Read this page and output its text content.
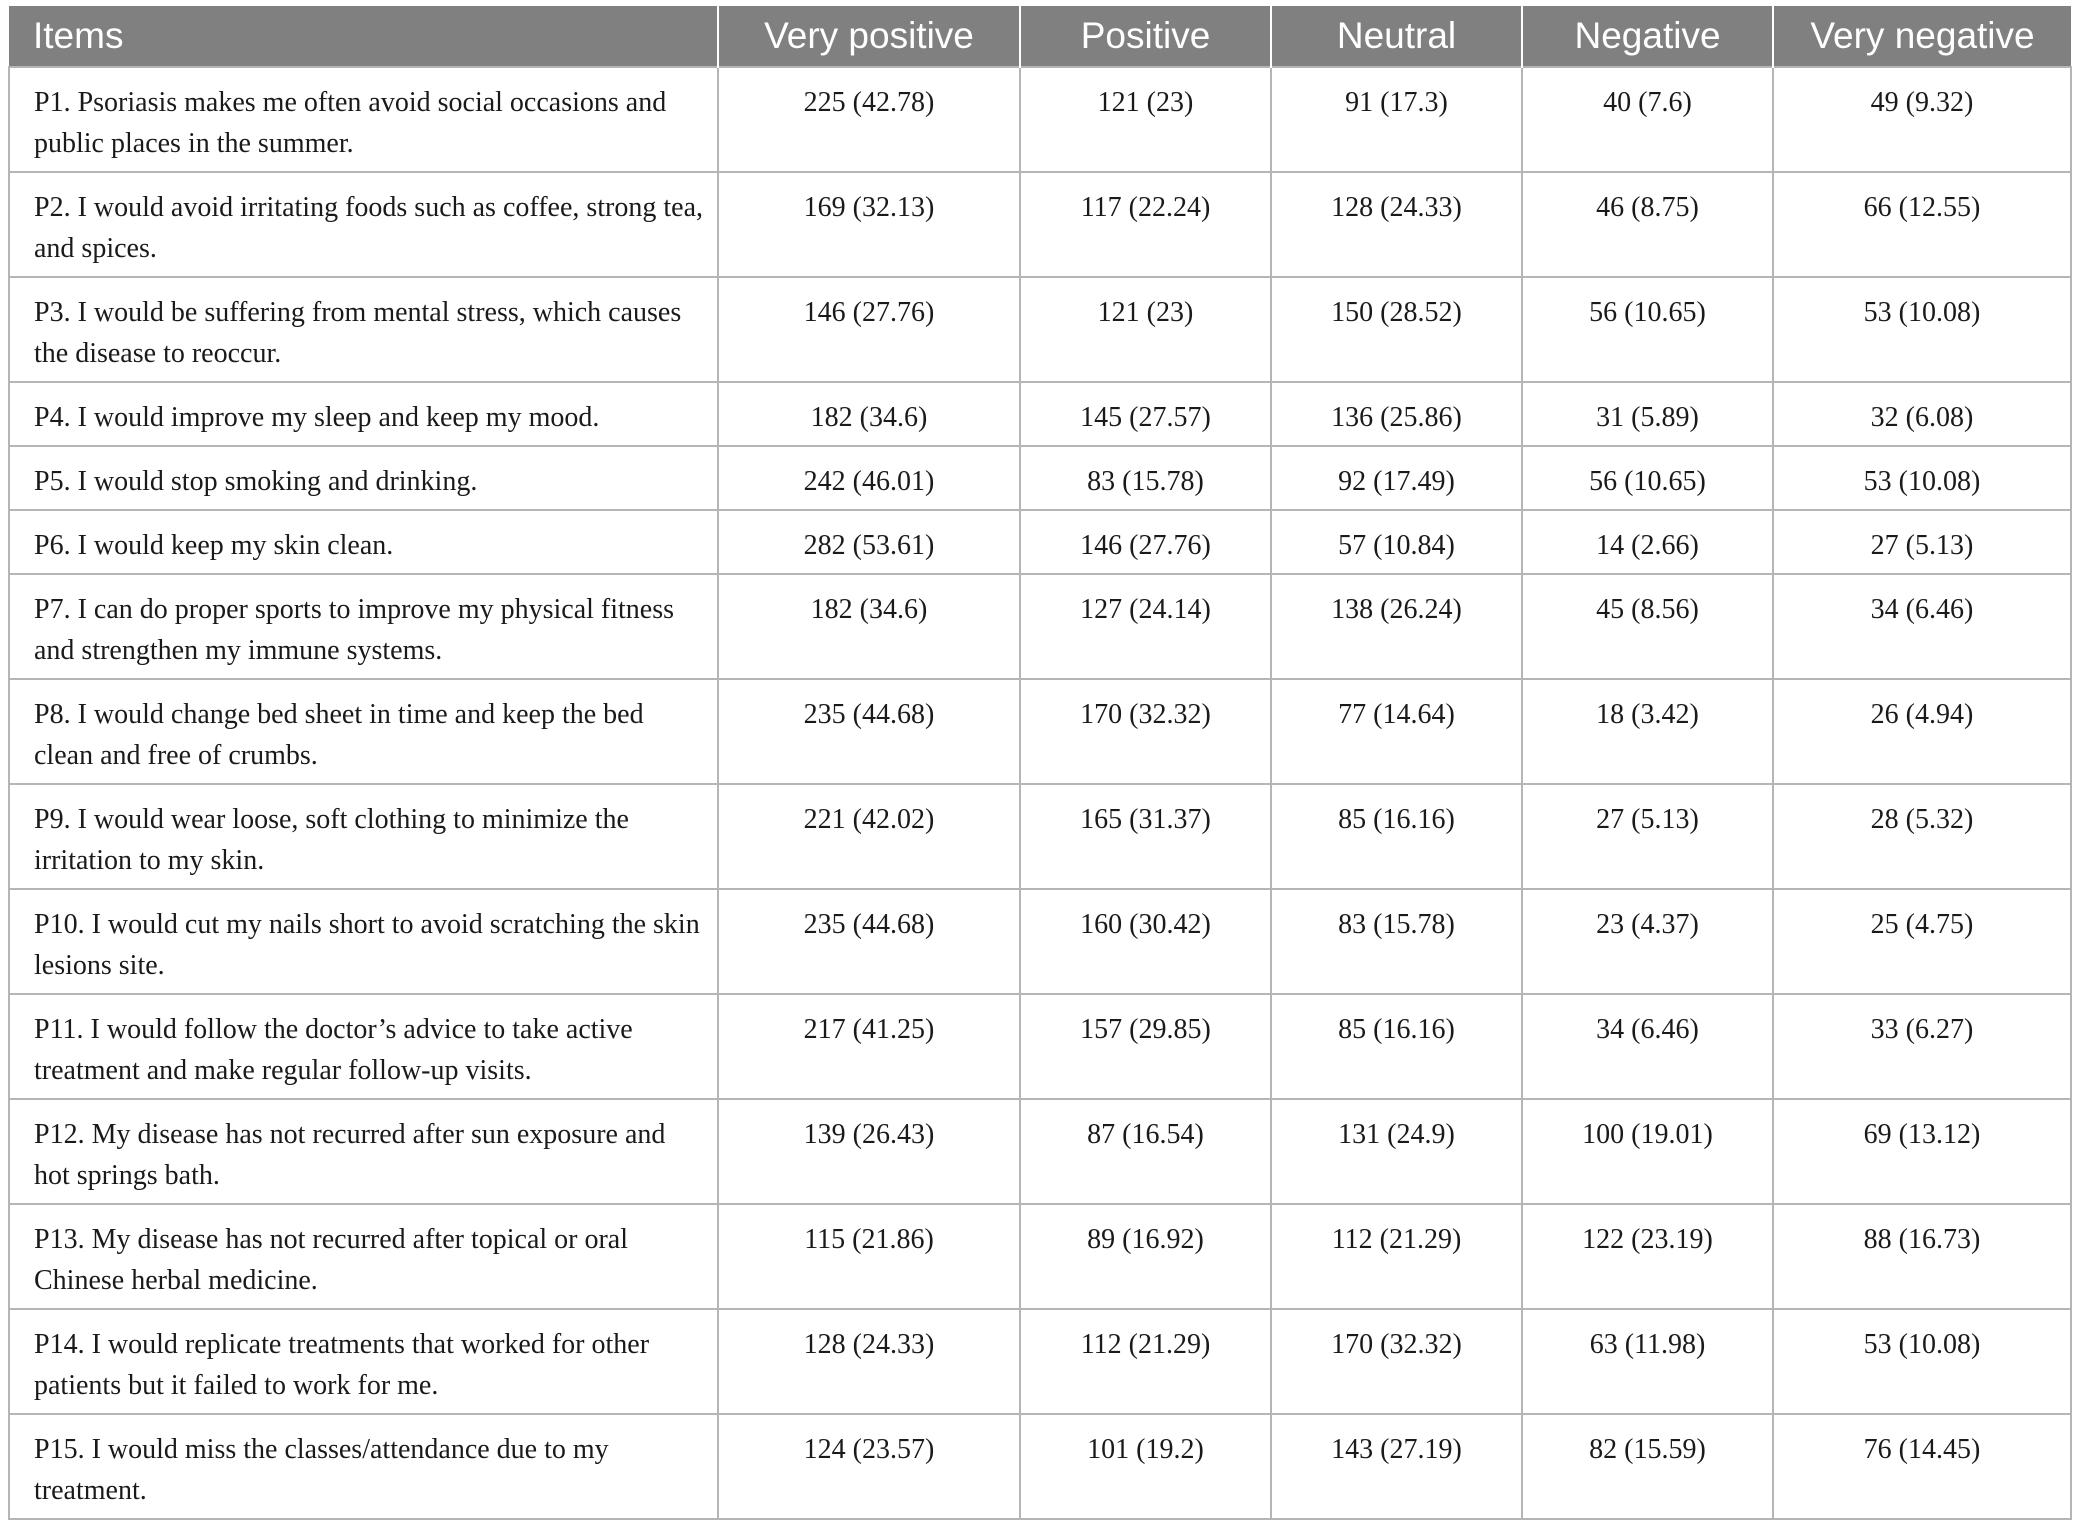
Items	Very positive	Positive	Neutral	Negative	Very negative
P1. Psoriasis makes me often avoid social occasions and public places in the summer.	225 (42.78)	121 (23)	91 (17.3)	40 (7.6)	49 (9.32)
P2. I would avoid irritating foods such as coffee, strong tea, and spices.	169 (32.13)	117 (22.24)	128 (24.33)	46 (8.75)	66 (12.55)
P3. I would be suffering from mental stress, which causes the disease to reoccur.	146 (27.76)	121 (23)	150 (28.52)	56 (10.65)	53 (10.08)
P4. I would improve my sleep and keep my mood.	182 (34.6)	145 (27.57)	136 (25.86)	31 (5.89)	32 (6.08)
P5. I would stop smoking and drinking.	242 (46.01)	83 (15.78)	92 (17.49)	56 (10.65)	53 (10.08)
P6. I would keep my skin clean.	282 (53.61)	146 (27.76)	57 (10.84)	14 (2.66)	27 (5.13)
P7. I can do proper sports to improve my physical fitness and strengthen my immune systems.	182 (34.6)	127 (24.14)	138 (26.24)	45 (8.56)	34 (6.46)
P8. I would change bed sheet in time and keep the bed clean and free of crumbs.	235 (44.68)	170 (32.32)	77 (14.64)	18 (3.42)	26 (4.94)
P9. I would wear loose, soft clothing to minimize the irritation to my skin.	221 (42.02)	165 (31.37)	85 (16.16)	27 (5.13)	28 (5.32)
P10. I would cut my nails short to avoid scratching the skin lesions site.	235 (44.68)	160 (30.42)	83 (15.78)	23 (4.37)	25 (4.75)
P11. I would follow the doctor’s advice to take active treatment and make regular follow-up visits.	217 (41.25)	157 (29.85)	85 (16.16)	34 (6.46)	33 (6.27)
P12. My disease has not recurred after sun exposure and hot springs bath.	139 (26.43)	87 (16.54)	131 (24.9)	100 (19.01)	69 (13.12)
P13. My disease has not recurred after topical or oral Chinese herbal medicine.	115 (21.86)	89 (16.92)	112 (21.29)	122 (23.19)	88 (16.73)
P14. I would replicate treatments that worked for other patients but it failed to work for me.	128 (24.33)	112 (21.29)	170 (32.32)	63 (11.98)	53 (10.08)
P15. I would miss the classes/attendance due to my treatment.	124 (23.57)	101 (19.2)	143 (27.19)	82 (15.59)	76 (14.45)
